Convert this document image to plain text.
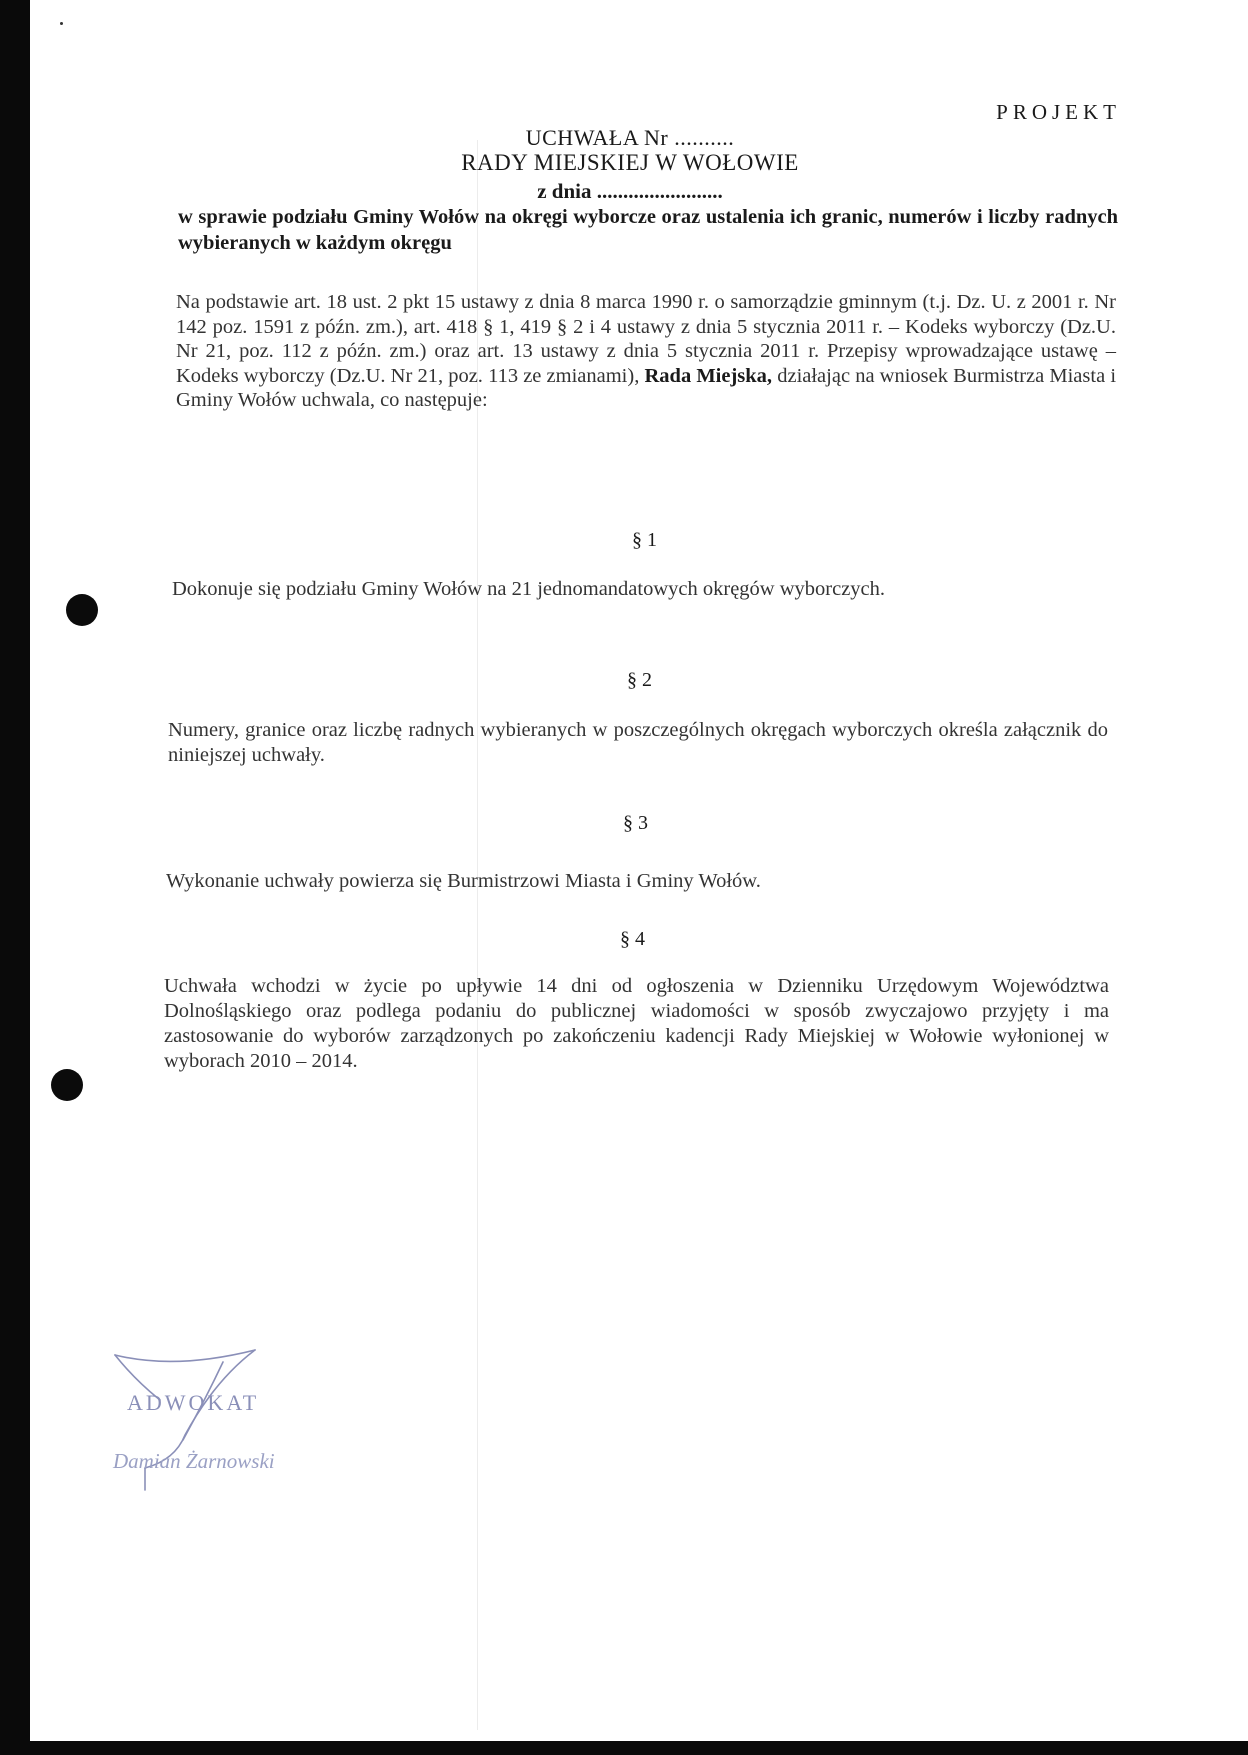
PROJEKT
UCHWAŁA Nr ..........
RADY MIEJSKIEJ W WOŁOWIE
z dnia ........................
w sprawie podziału Gminy Wołów na okręgi wyborcze oraz ustalenia ich granic, numerów i liczby radnych wybieranych w każdym okręgu
Na podstawie art. 18 ust. 2 pkt 15 ustawy z dnia 8 marca 1990 r. o samorządzie gminnym (t.j. Dz. U. z 2001 r. Nr 142 poz. 1591 z późn. zm.), art. 418 § 1, 419 § 2 i 4 ustawy z dnia 5 stycznia 2011 r. – Kodeks wyborczy (Dz.U. Nr 21, poz. 112 z późn. zm.) oraz art. 13 ustawy z dnia 5 stycznia 2011 r. Przepisy wprowadzające ustawę –Kodeks wyborczy (Dz.U. Nr 21, poz. 113 ze zmianami), Rada Miejska, działając na wniosek Burmistrza Miasta i Gminy Wołów uchwala, co następuje:
§ 1
Dokonuje się podziału Gminy Wołów na 21 jednomandatowych okręgów wyborczych.
§ 2
Numery, granice oraz liczbę radnych wybieranych w poszczególnych okręgach wyborczych określa załącznik do niniejszej uchwały.
§ 3
Wykonanie uchwały powierza się Burmistrzowi Miasta i Gminy Wołów.
§ 4
Uchwała wchodzi w życie po upływie 14 dni od ogłoszenia w Dzienniku Urzędowym Województwa Dolnośląskiego oraz podlega podaniu do publicznej wiadomości w sposób zwyczajowo przyjęty i ma zastosowanie do wyborów zarządzonych po zakończeniu kadencji Rady Miejskiej w Wołowie wyłonionej w wyborach 2010 – 2014.
ADWOKAT
Damian Żarnowski
